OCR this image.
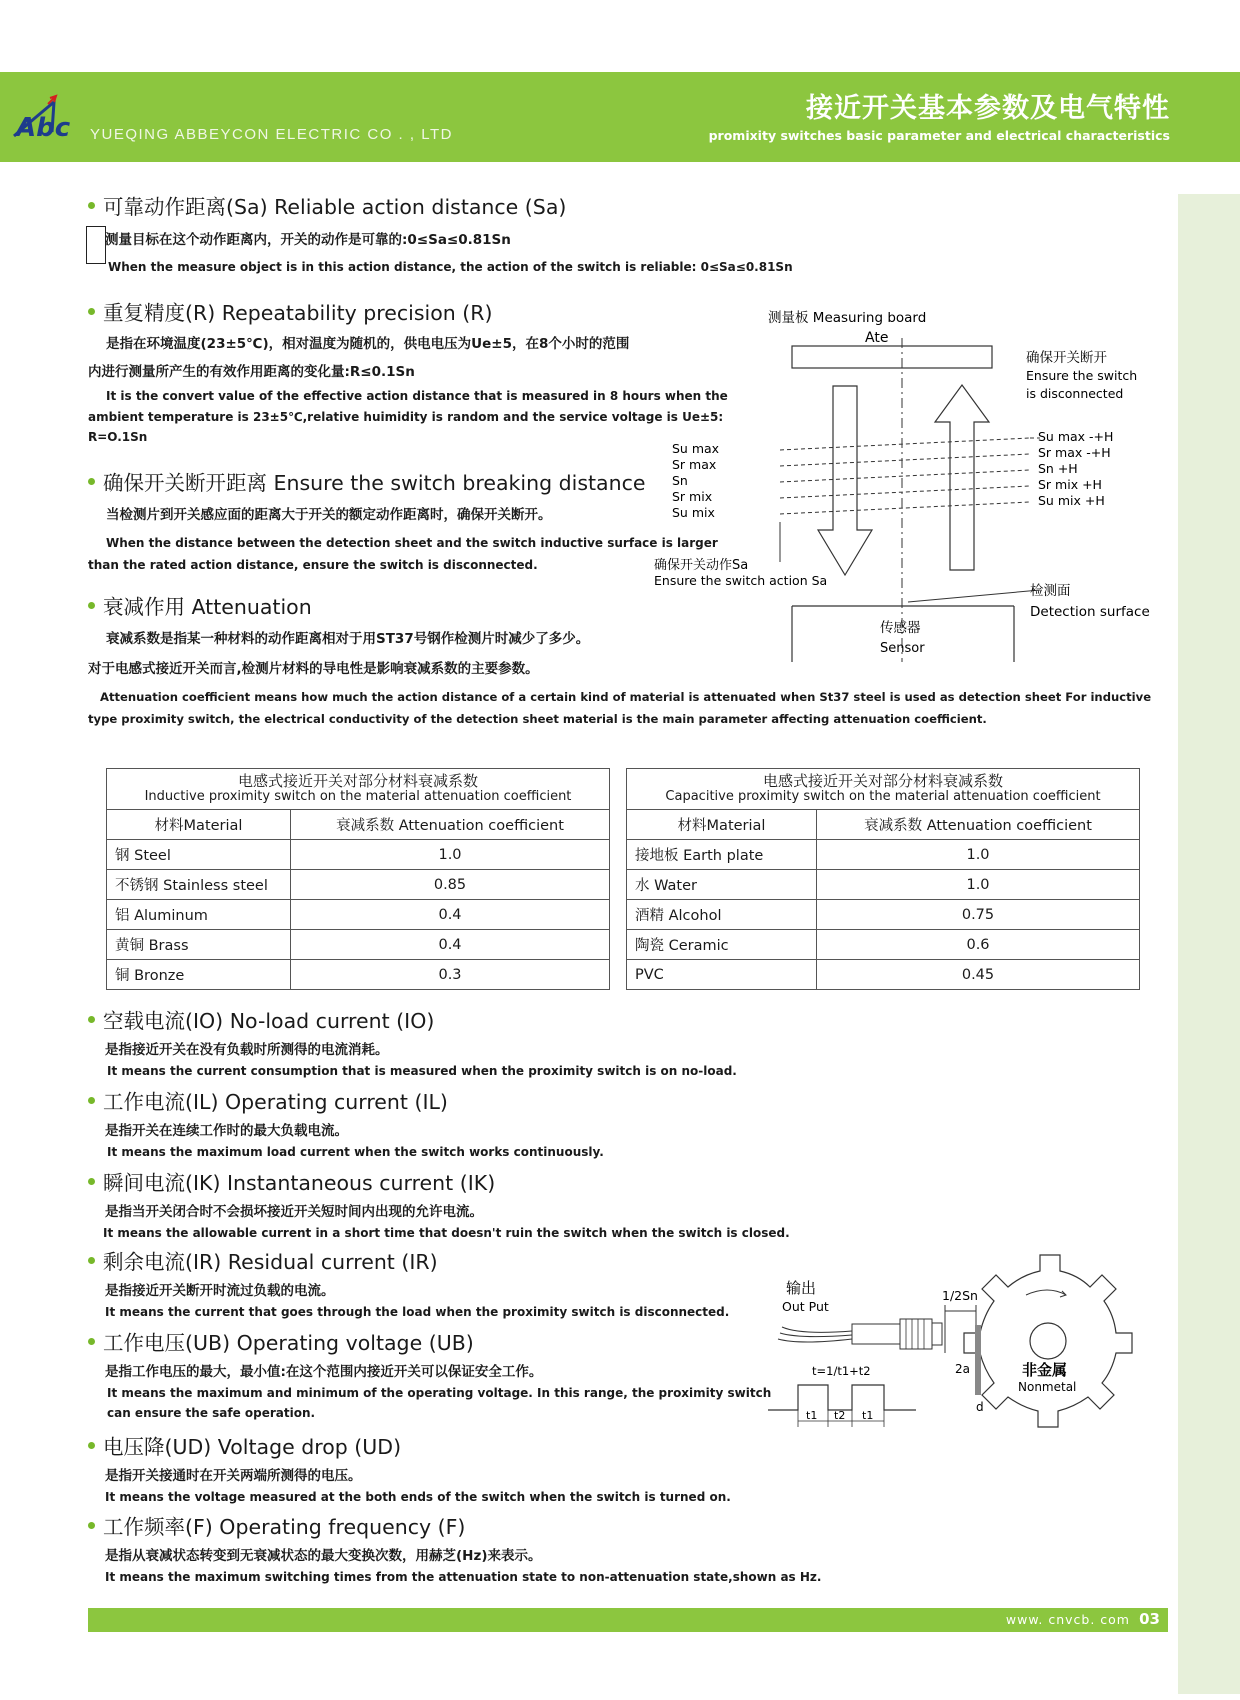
Abc
接近开关基本参数及电气特性
promixity switches basic parameter and electrical characteristics
YUEQING ABBEYCON ELECTRIC CO . , LTD
可靠动作距离(Sa) Reliable action distance (Sa)
测量目标在这个动作距离内，开关的动作是可靠的:0≤Sa≤0.81Sn
When the measure object is in this action distance, the action of the switch is reliable: 0≤Sa≤0.81Sn
重复精度(R) Repeatability precision (R)
是指在环境温度(23±5℃)，相对温度为随机的，供电电压为Ue±5，在8个小时的范围
内进行测量所产生的有效作用距离的变化量:R≤0.1Sn
It is the convert value of the effective action distance that is measured in 8 hours when the
ambient temperature is 23±5℃,relative huimidity is random and the service voltage is Ue±5:
R=O.1Sn
确保开关断开距离 Ensure the switch breaking distance
当检测片到开关感应面的距离大于开关的额定动作距离时，确保开关断开。
When the distance between the detection sheet and the switch inductive surface is larger
than the rated action distance, ensure the switch is disconnected.
衰减作用 Attenuation
衰减系数是指某一种材料的动作距离相对于用ST37号钢作检测片时减少了多少。
对于电感式接近开关而言,检测片材料的导电性是影响衰减系数的主要参数。
Attenuation coefficient means how much the action distance of a certain kind of material is attenuated when St37 steel is used as detection sheet For inductive
type proximity switch, the electrical conductivity of the detection sheet material is the main parameter affecting attenuation coefficient.
测量板 Measuring board
Ate
确保开关断开
Ensure the switch
is disconnected
Su max
Sr max
Sn
Sr mix
Su mix
Su max -+H
Sr max -+H
Sn +H
Sr mix +H
Su mix +H
确保开关动作Sa
Ensure the switch action Sa
检测面
Detection surface
传感器
Sensor
电感式接近开关对部分材料衰减系数
Inductive proximity switch on the material attenuation coefficient	

材料Material	衰减系数 Attenuation coefficient
钢 Steel	1.0
不锈钢 Stainless steel	0.85
铝 Aluminum	0.4
黄铜 Brass	0.4
铜 Bronze	0.3
电感式接近开关对部分材料衰减系数
Capacitive proximity switch on the material attenuation coefficient	

材料Material	衰减系数 Attenuation coefficient
接地板 Earth plate	1.0
水 Water	1.0
酒精 Alcohol	0.75
陶瓷 Ceramic	0.6
PVC	0.45
空载电流(IO) No-load current (IO)
是指接近开关在没有负载时所测得的电流消耗。
It means the current consumption that is measured when the proximity switch is on no-load.
工作电流(IL) Operating current (IL)
是指开关在连续工作时的最大负载电流。
It means the maximum load current when the switch works continuously.
瞬间电流(IK) Instantaneous current (IK)
是指当开关闭合时不会损坏接近开关短时间内出现的允许电流。
It means the allowable current in a short time that doesn't ruin the switch when the switch is closed.
剩余电流(IR) Residual current (IR)
是指接近开关断开时流过负载的电流。
It means the current that goes through the load when the proximity switch is disconnected.
工作电压(UB) Operating voltage (UB)
是指工作电压的最大，最小值:在这个范围内接近开关可以保证安全工作。
It means the maximum and minimum of the operating voltage. In this range, the proximity switch
can ensure the safe operation.
电压降(UD) Voltage drop (UD)
是指开关接通时在开关两端所测得的电压。
It means the voltage measured at the both ends of the switch when the switch is turned on.
工作频率(F) Operating frequency (F)
是指从衰减状态转变到无衰减状态的最大变换次数，用赫芝(Hz)来表示。
It means the maximum switching times from the attenuation state to non-attenuation state,shown as Hz.
输出
Out Put
1/2Sn
非金属
Nonmetal
2a
d
t=1/t1+t2
t1 t2 t1
www. cnvcb. com 03
